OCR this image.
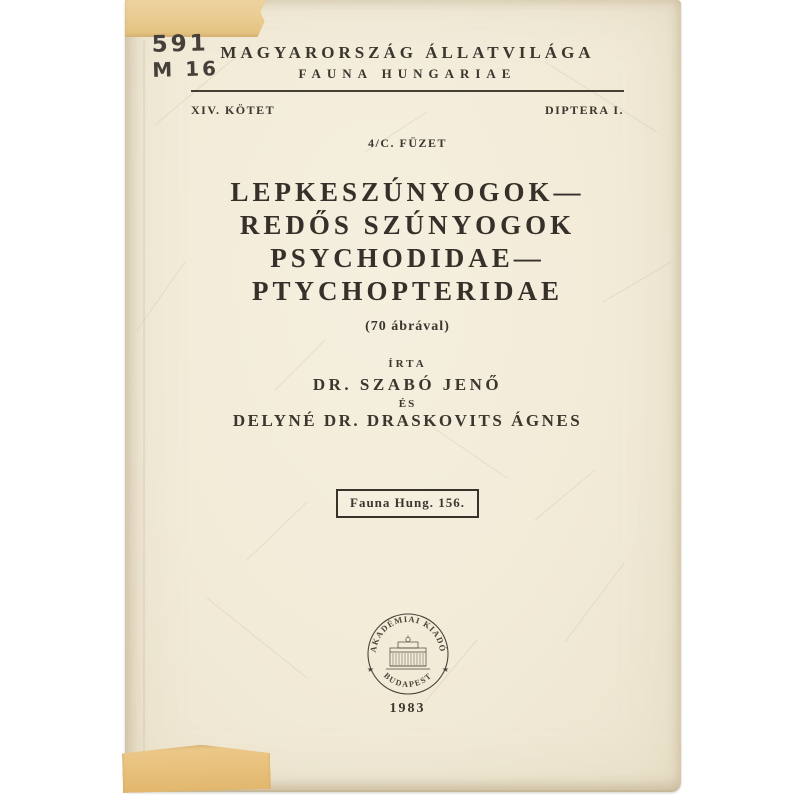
591
M 16
MAGYARORSZÁG ÁLLATVILÁGA
FAUNA HUNGARIAE
XIV. KÖTET	DIPTERA I.
4/C. FÜZET
LEPKESZÚNYOGOK—
REDŐS SZÚNYOGOK
PSYCHODIDAE—
PTYCHOPTERIDAE
(70 ábrával)
ÍRTA
DR. SZABÓ JENŐ
ÉS
DELYNÉ DR. DRASKOVITS ÁGNES
Fauna Hung. 156.
AKADÉMIAI KIADÓ
BUDAPEST
★	★
1983
